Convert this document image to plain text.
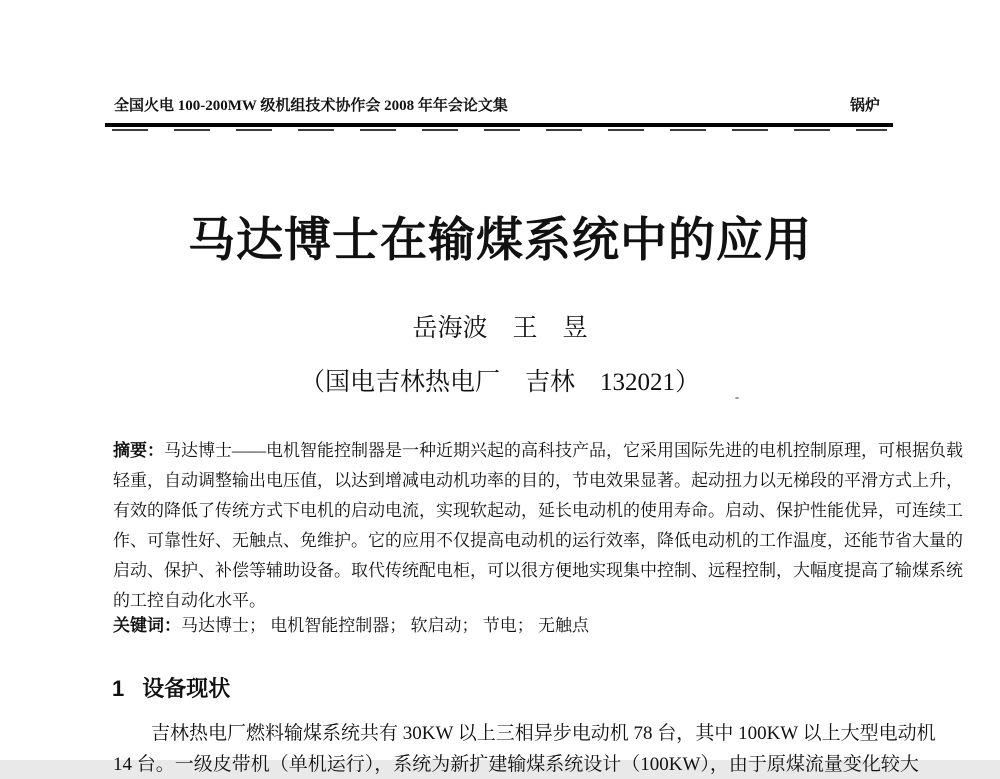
全国火电 100-200MW 级机组技术协作会 2008 年年会论文集	锅炉
马达博士在输煤系统中的应用
岳海波　王　昱
（国电吉林热电厂　吉林　132021）
摘要：马达博士——电机智能控制器是一种近期兴起的高科技产品，它采用国际先进的电机控制原理，可根据负载
轻重，自动调整输出电压值，以达到增减电动机功率的目的，节电效果显著。起动扭力以无梯段的平滑方式上升，
有效的降低了传统方式下电机的启动电流，实现软起动，延长电动机的使用寿命。启动、保护性能优异，可连续工
作、可靠性好、无触点、免维护。它的应用不仅提高电动机的运行效率，降低电动机的工作温度，还能节省大量的
启动、保护、补偿等辅助设备。取代传统配电柜，可以很方便地实现集中控制、远程控制，大幅度提高了输煤系统
的工控自动化水平。
关键词：马达博士； 电机智能控制器； 软启动； 节电； 无触点
1 设备现状
吉林热电厂燃料输煤系统共有 30KW 以上三相异步电动机 78 台，其中 100KW 以上大型电动机
14 台。一级皮带机（单机运行），系统为新扩建输煤系统设计（100KW），由于原煤流量变化较大
